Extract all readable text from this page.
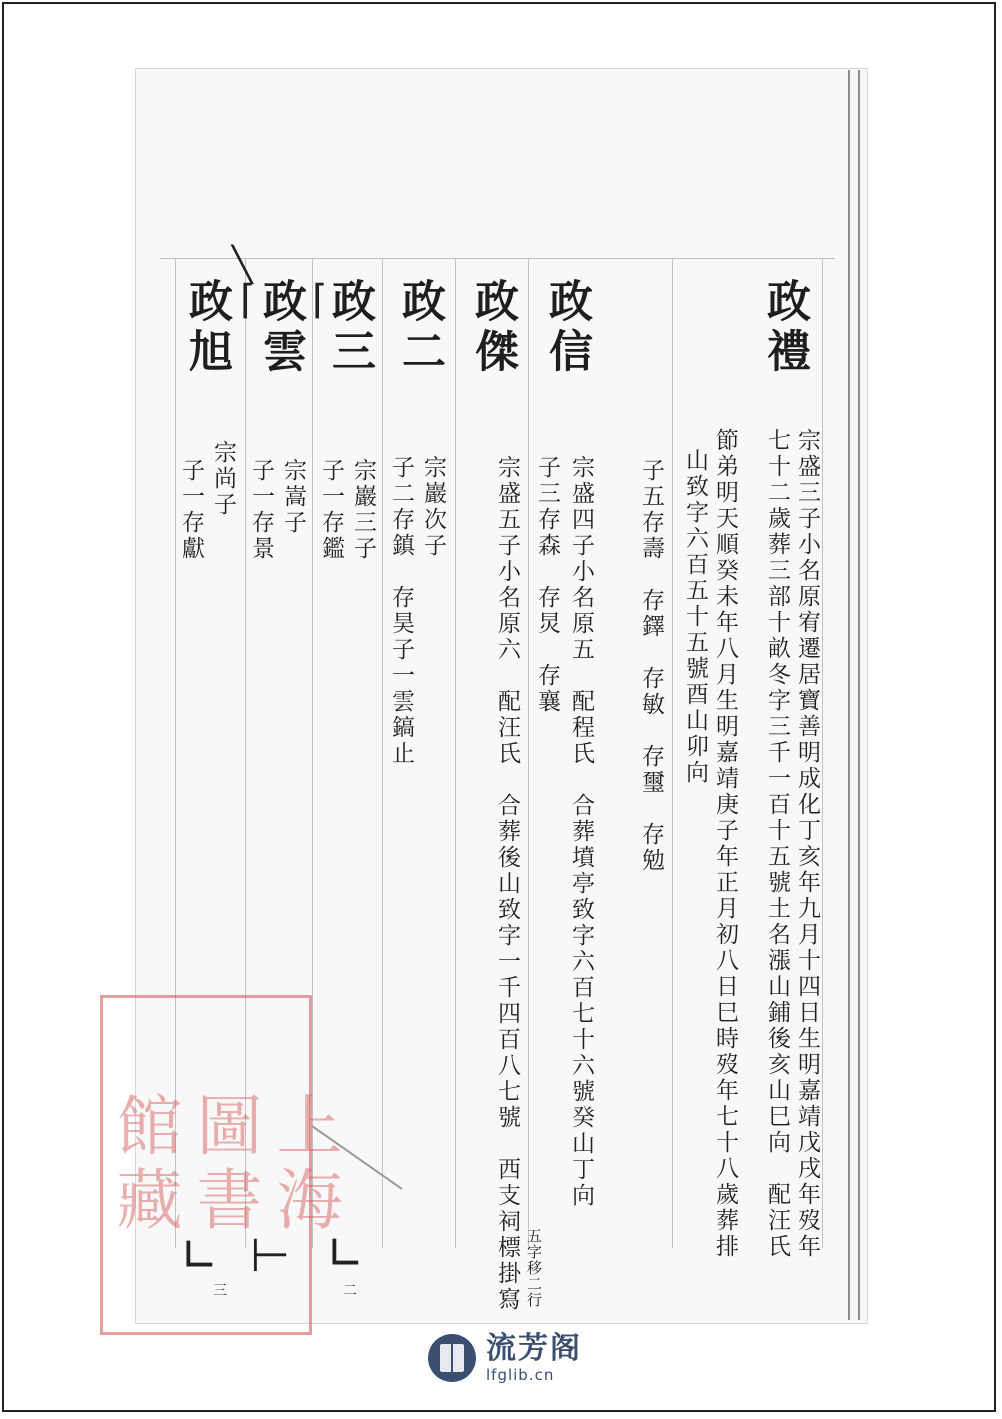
政禮
宗盛三子小名原宥遷居寶善明成化丁亥年九月十四日生明嘉靖戊戌年歿年
七十二歲葬三部十畝冬字三千一百十五號土名漲山鋪後亥山巳向　配汪氏
節弟明天順癸未年八月生明嘉靖庚子年正月初八日巳時歿年七十八歲葬排
山致字六百五十五號酉山卯向
子五存壽　存鐸　存敏　存璽　存勉
政信
宗盛四子小名原五　配程氏　合葬墳亭致字六百七十六號癸山丁向
子三存森　存炅　存襄
政傑
宗盛五子小名原六　配汪氏　合葬後山致字一千四百八七號　西支祠標掛寫 五字移二行
政二
宗巖次子
子二存鎮　存昊子一雲鎬止
政三
宗巖三子
子一存鑑
政雲
宗嵩子
子一存景
政旭
宗尚子
子一存獻
╲
⌈
⌈
上海
圖書
館藏
∟
⊢
∟
二
三
流芳阁
lfglib.cn
